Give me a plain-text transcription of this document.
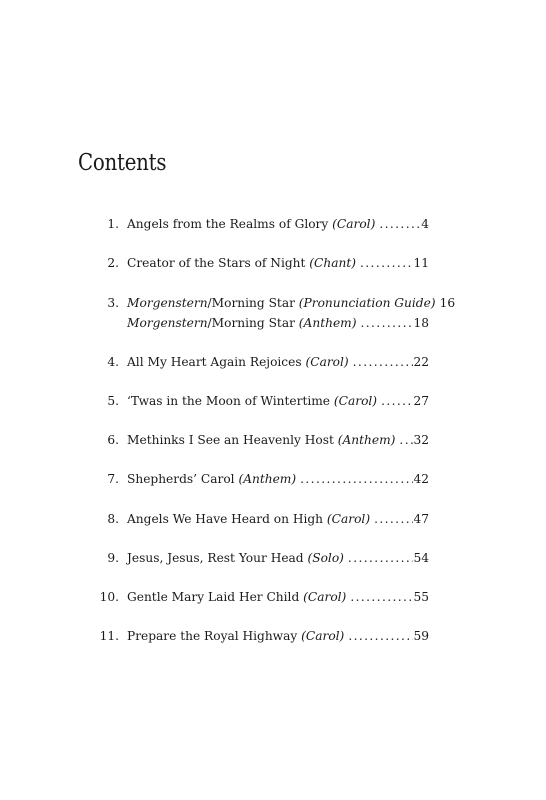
Contents
1. Angels from the Realms of Glory (Carol) .....	4
2. Creator of the Stars of Night (Chant) .....	11
3. Morgenstern/Morning Star (Pronunciation Guide) ..... 16
Morgenstern/Morning Star (Anthem) .....	18
4. All My Heart Again Rejoices (Carol) .....	22
5. ‘Twas in the Moon of Wintertime (Carol) .....	27
6. Methinks I See an Heavenly Host (Anthem) ..... 32
7. Shepherds’ Carol (Anthem) .....	42
8. Angels We Have Heard on High (Carol) .....	47
9. Jesus, Jesus, Rest Your Head (Solo) .....	54
10. Gentle Mary Laid Her Child (Carol) .....	55
11. Prepare the Royal Highway (Carol) .....	59
